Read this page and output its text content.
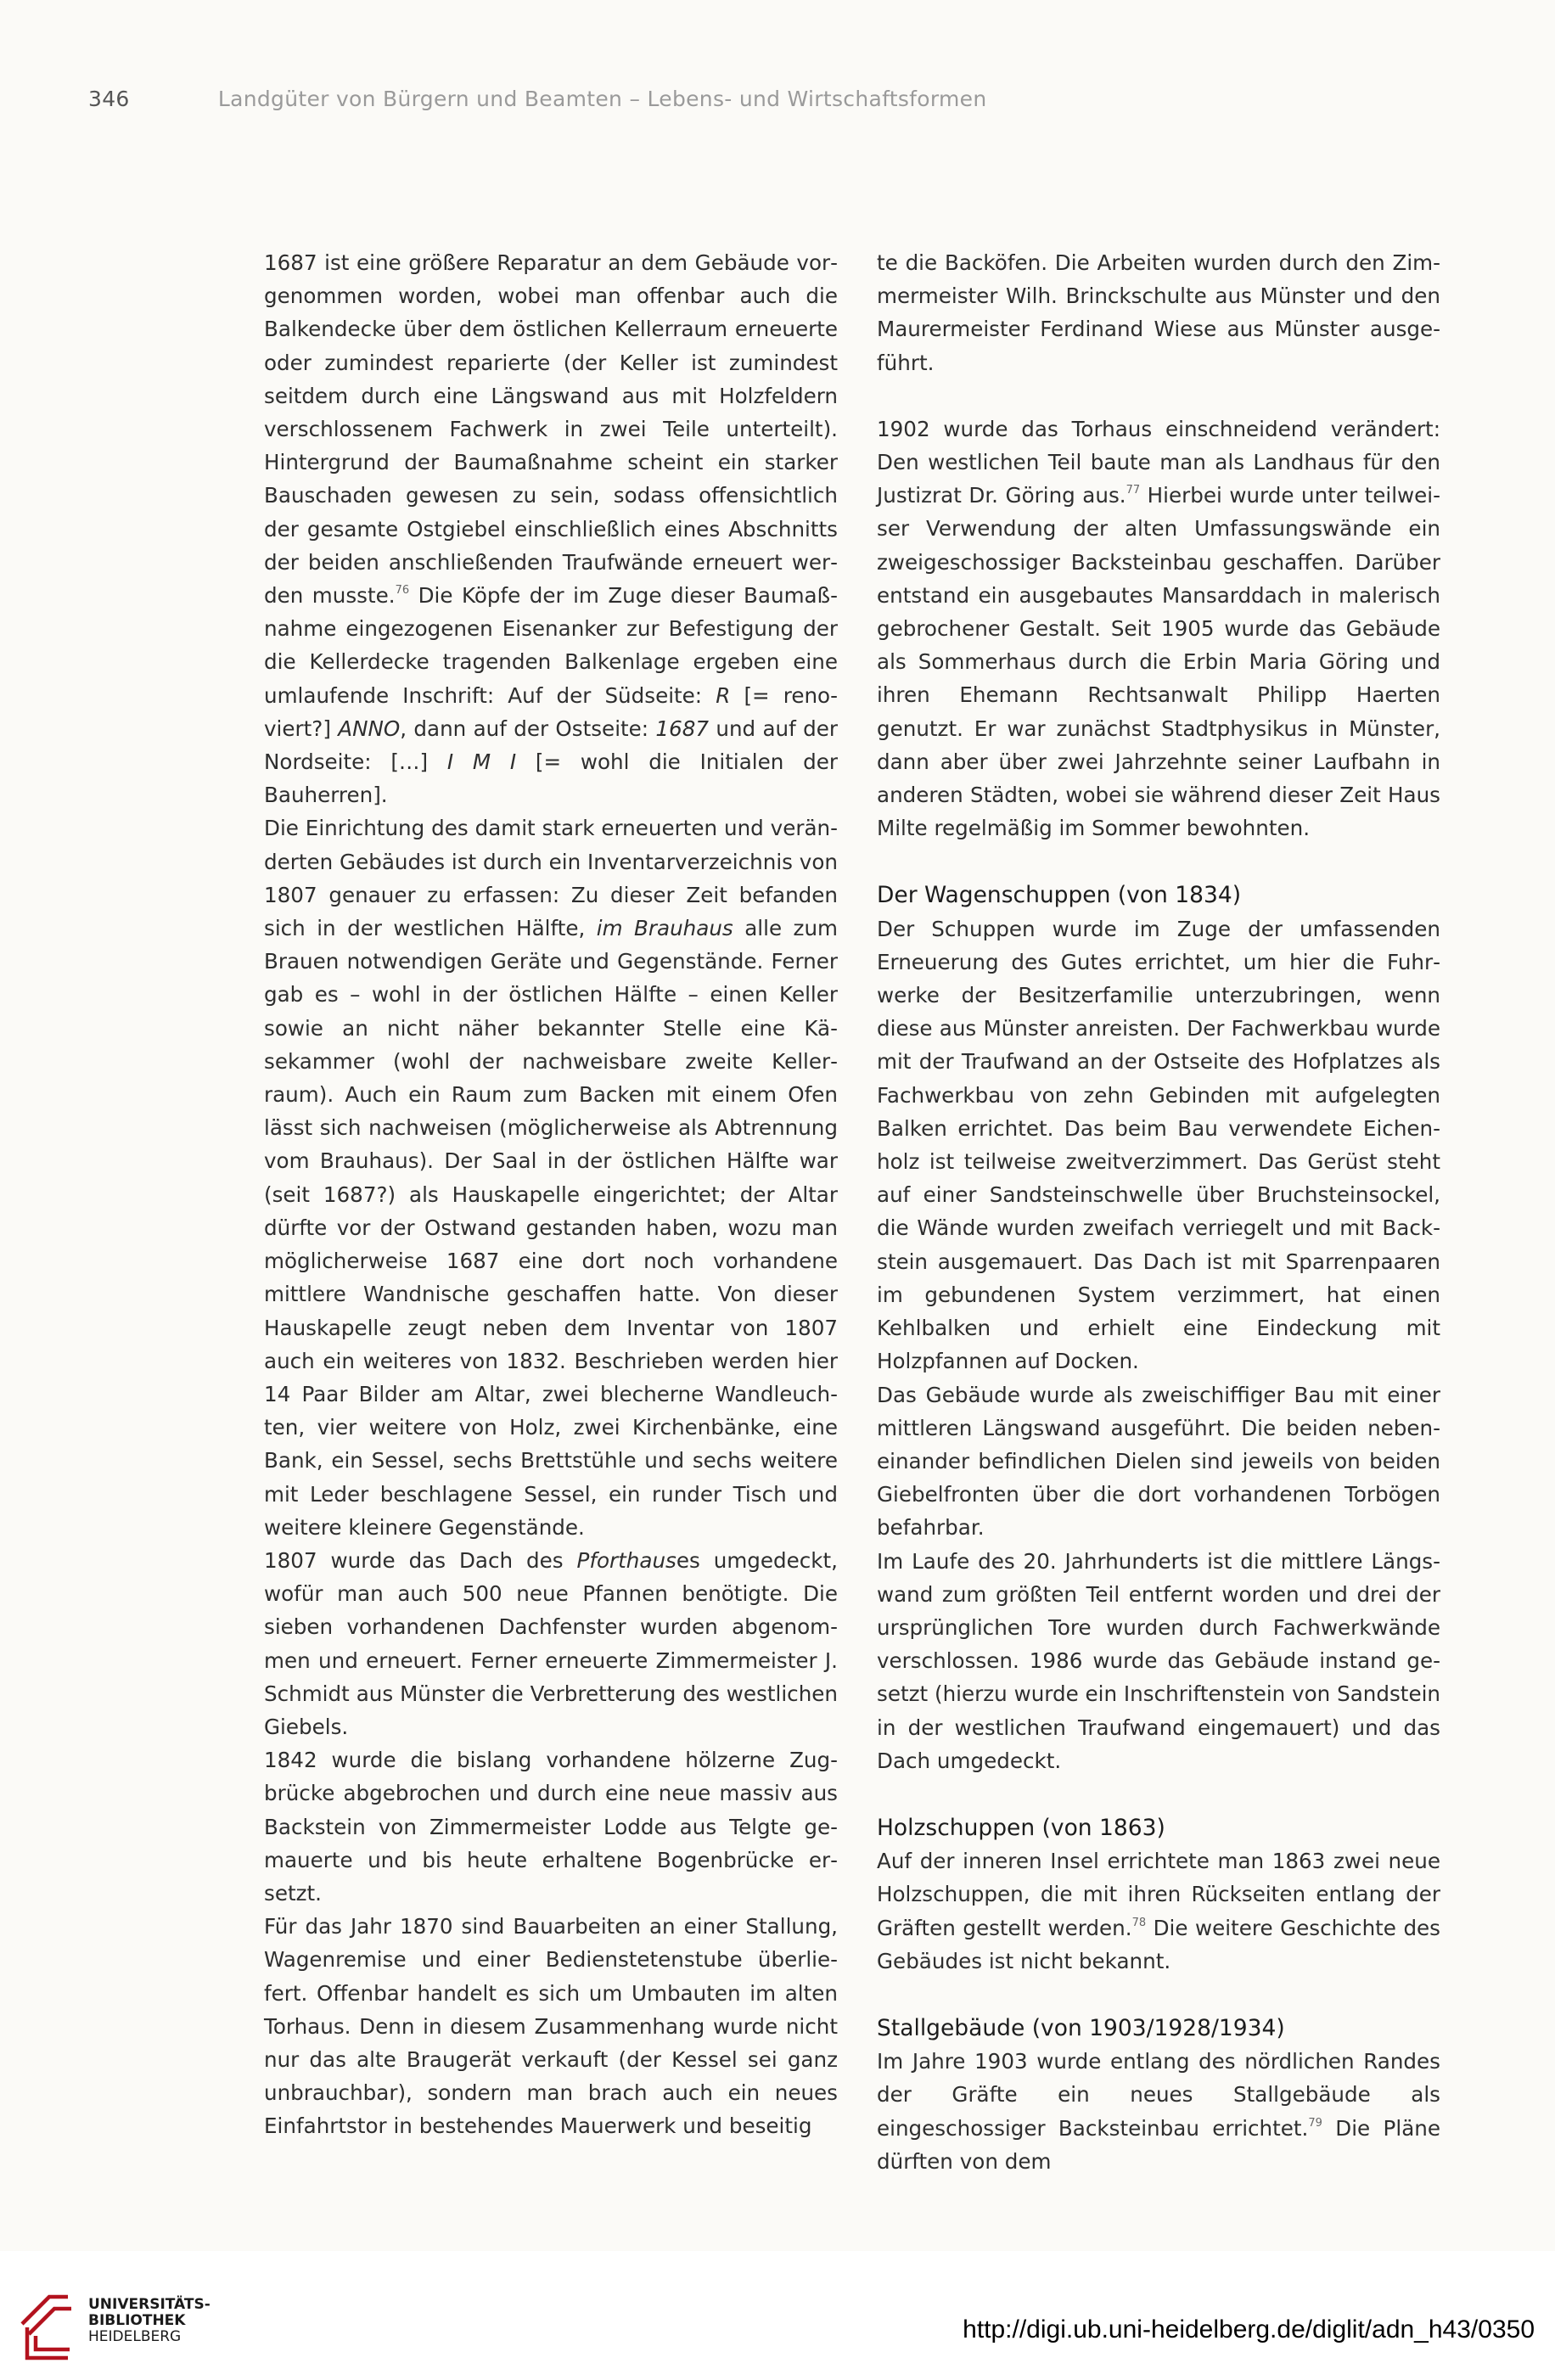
346	Landgüter von Bürgern und Beamten – Lebens- und Wirtschaftsformen

1687 ist eine größere Reparatur an dem Gebäude vorgenommen worden, wobei man offenbar auch die Balkendecke über dem östlichen Kellerraum erneuerte oder zumindest reparierte (der Keller ist zumindest seitdem durch eine Längswand aus mit Holzfeldern verschlossenem Fachwerk in zwei Teile unterteilt). Hintergrund der Baumaßnahme scheint ein starker Bauschaden gewesen zu sein, sodass offensichtlich der gesamte Ostgiebel einschließlich eines Abschnitts der beiden anschließenden Traufwände erneuert werden musste.$^{76}$ Die Köpfe der im Zuge dieser Baumaßnahme eingezogenen Eisenanker zur Befestigung der die Kellerdecke tragenden Balkenlage ergeben eine umlaufende Inschrift: Auf der Südseite: R [= renoviert?] ANNO, dann auf der Ostseite: 1687 und auf der Nordseite: […] I M I [= wohl die Initialen der Bauherren].

Die Einrichtung des damit stark erneuerten und veränderten Gebäudes ist durch ein Inventarverzeichnis von 1807 genauer zu erfassen: Zu dieser Zeit befanden sich in der westlichen Hälfte, im Brauhaus alle zum Brauen notwendigen Geräte und Gegenstände. Ferner gab es – wohl in der östlichen Hälfte – einen Keller sowie an nicht näher bekannter Stelle eine Käsekammer (wohl der nachweisbare zweite Kellerraum). Auch ein Raum zum Backen mit einem Ofen lässt sich nachweisen (möglicherweise als Abtrennung vom Brauhaus). Der Saal in der östlichen Hälfte war (seit 1687?) als Hauskapelle eingerichtet; der Altar dürfte vor der Ostwand gestanden haben, wozu man möglicherweise 1687 eine dort noch vorhandene mittlere Wandnische geschaffen hatte. Von dieser Hauskapelle zeugt neben dem Inventar von 1807 auch ein weiteres von 1832. Beschrieben werden hier 14 Paar Bilder am Altar, zwei blecherne Wandleuchten, vier weitere von Holz, zwei Kirchenbänke, eine Bank, ein Sessel, sechs Brettstühle und sechs weitere mit Leder beschlagene Sessel, ein runder Tisch und weitere kleinere Gegenstände.

1807 wurde das Dach des Pforthauses umgedeckt, wofür man auch 500 neue Pfannen benötigte. Die sieben vorhandenen Dachfenster wurden abgenommen und erneuert. Ferner erneuerte Zimmermeister J. Schmidt aus Münster die Verbretterung des westlichen Giebels.

1842 wurde die bislang vorhandene hölzerne Zugbrücke abgebrochen und durch eine neue massiv aus Backstein von Zimmermeister Lodde aus Telgte gemauerte und bis heute erhaltene Bogenbrücke ersetzt.

Für das Jahr 1870 sind Bauarbeiten an einer Stallung, Wagenremise und einer Bedienstetenstube überliefert. Offenbar handelt es sich um Umbauten im alten Torhaus. Denn in diesem Zusammenhang wurde nicht nur das alte Braugerät verkauft (der Kessel sei ganz unbrauchbar), sondern man brach auch ein neues Einfahrtstor in bestehendes Mauerwerk und beseitig

te die Backöfen. Die Arbeiten wurden durch den Zimmermeister Wilh. Brinckschulte aus Münster und den Maurermeister Ferdinand Wiese aus Münster ausgeführt.

1902 wurde das Torhaus einschneidend verändert: Den westlichen Teil baute man als Landhaus für den Justizrat Dr. Göring aus.$^{77}$ Hierbei wurde unter teilweiser Verwendung der alten Umfassungswände ein zweigeschossiger Backsteinbau geschaffen. Darüber entstand ein ausgebautes Mansarddach in malerisch gebrochener Gestalt. Seit 1905 wurde das Gebäude als Sommerhaus durch die Erbin Maria Göring und ihren Ehemann Rechtsanwalt Philipp Haerten genutzt. Er war zunächst Stadtphysikus in Münster, dann aber über zwei Jahrzehnte seiner Laufbahn in anderen Städten, wobei sie während dieser Zeit Haus Milte regelmäßig im Sommer bewohnten.

Der Wagenschuppen (von 1834)

Der Schuppen wurde im Zuge der umfassenden Erneuerung des Gutes errichtet, um hier die Fuhrwerke der Besitzerfamilie unterzubringen, wenn diese aus Münster anreisten. Der Fachwerkbau wurde mit der Traufwand an der Ostseite des Hofplatzes als Fachwerkbau von zehn Gebinden mit aufgelegten Balken errichtet. Das beim Bau verwendete Eichenholz ist teilweise zweitverzimmert. Das Gerüst steht auf einer Sandsteinschwelle über Bruchsteinsockel, die Wände wurden zweifach verriegelt und mit Backstein ausgemauert. Das Dach ist mit Sparrenpaaren im gebundenen System verzimmert, hat einen Kehlbalken und erhielt eine Eindeckung mit Holzpfannen auf Docken.

Das Gebäude wurde als zweischiffiger Bau mit einer mittleren Längswand ausgeführt. Die beiden nebeneinander befindlichen Dielen sind jeweils von beiden Giebelfronten über die dort vorhandenen Torbögen befahrbar.

Im Laufe des 20. Jahrhunderts ist die mittlere Längswand zum größten Teil entfernt worden und drei der ursprünglichen Tore wurden durch Fachwerkwände verschlossen. 1986 wurde das Gebäude instand gesetzt (hierzu wurde ein Inschriftenstein von Sandstein in der westlichen Traufwand eingemauert) und das Dach umgedeckt.

Holzschuppen (von 1863)

Auf der inneren Insel errichtete man 1863 zwei neue Holzschuppen, die mit ihren Rückseiten entlang der Gräften gestellt werden.$^{78}$ Die weitere Geschichte des Gebäudes ist nicht bekannt.

Stallgebäude (von 1903/1928/1934)

Im Jahre 1903 wurde entlang des nördlichen Randes der Gräfte ein neues Stallgebäude als eingeschossiger Backsteinbau errichtet.$^{79}$ Die Pläne dürften von dem

UNIVERSITÄTS-
BIBLIOTHEK
HEIDELBERG	http://digi.ub.uni-heidelberg.de/diglit/adn_h43/0350
